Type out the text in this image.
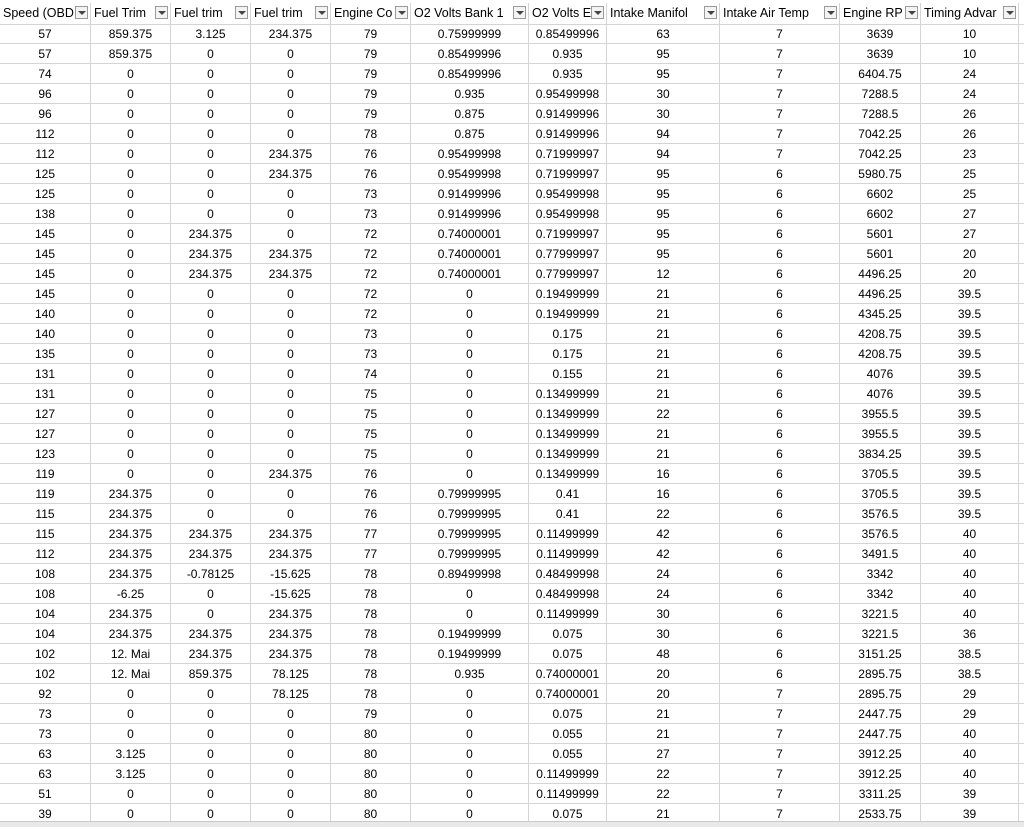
Speed (OBD	Fuel Trim	Fuel trim	Fuel trim	Engine Co	O2 Volts Bank 1	O2 Volts E	Intake Manifol	Intake Air Temp	Engine RP	Timing Advar
57	859.375	3.125	234.375	79	0.75999999	0.85499996	63	7	3639	10
57	859.375	0	0	79	0.85499996	0.935	95	7	3639	10
74	0	0	0	79	0.85499996	0.935	95	7	6404.75	24
96	0	0	0	79	0.935	0.95499998	30	7	7288.5	24
96	0	0	0	79	0.875	0.91499996	30	7	7288.5	26
112	0	0	0	78	0.875	0.91499996	94	7	7042.25	26
112	0	0	234.375	76	0.95499998	0.71999997	94	7	7042.25	23
125	0	0	234.375	76	0.95499998	0.71999997	95	6	5980.75	25
125	0	0	0	73	0.91499996	0.95499998	95	6	6602	25
138	0	0	0	73	0.91499996	0.95499998	95	6	6602	27
145	0	234.375	0	72	0.74000001	0.71999997	95	6	5601	27
145	0	234.375	234.375	72	0.74000001	0.77999997	95	6	5601	20
145	0	234.375	234.375	72	0.74000001	0.77999997	12	6	4496.25	20
145	0	0	0	72	0	0.19499999	21	6	4496.25	39.5
140	0	0	0	72	0	0.19499999	21	6	4345.25	39.5
140	0	0	0	73	0	0.175	21	6	4208.75	39.5
135	0	0	0	73	0	0.175	21	6	4208.75	39.5
131	0	0	0	74	0	0.155	21	6	4076	39.5
131	0	0	0	75	0	0.13499999	21	6	4076	39.5
127	0	0	0	75	0	0.13499999	22	6	3955.5	39.5
127	0	0	0	75	0	0.13499999	21	6	3955.5	39.5
123	0	0	0	75	0	0.13499999	21	6	3834.25	39.5
119	0	0	234.375	76	0	0.13499999	16	6	3705.5	39.5
119	234.375	0	0	76	0.79999995	0.41	16	6	3705.5	39.5
115	234.375	0	0	76	0.79999995	0.41	22	6	3576.5	39.5
115	234.375	234.375	234.375	77	0.79999995	0.11499999	42	6	3576.5	40
112	234.375	234.375	234.375	77	0.79999995	0.11499999	42	6	3491.5	40
108	234.375	-0.78125	-15.625	78	0.89499998	0.48499998	24	6	3342	40
108	-6.25	0	-15.625	78	0	0.48499998	24	6	3342	40
104	234.375	0	234.375	78	0	0.11499999	30	6	3221.5	40
104	234.375	234.375	234.375	78	0.19499999	0.075	30	6	3221.5	36
102	12. Mai	234.375	234.375	78	0.19499999	0.075	48	6	3151.25	38.5
102	12. Mai	859.375	78.125	78	0.935	0.74000001	20	6	2895.75	38.5
92	0	0	78.125	78	0	0.74000001	20	7	2895.75	29
73	0	0	0	79	0	0.075	21	7	2447.75	29
73	0	0	0	80	0	0.055	21	7	2447.75	40
63	3.125	0	0	80	0	0.055	27	7	3912.25	40
63	3.125	0	0	80	0	0.11499999	22	7	3912.25	40
51	0	0	0	80	0	0.11499999	22	7	3311.25	39
39	0	0	0	80	0	0.075	21	7	2533.75	39
